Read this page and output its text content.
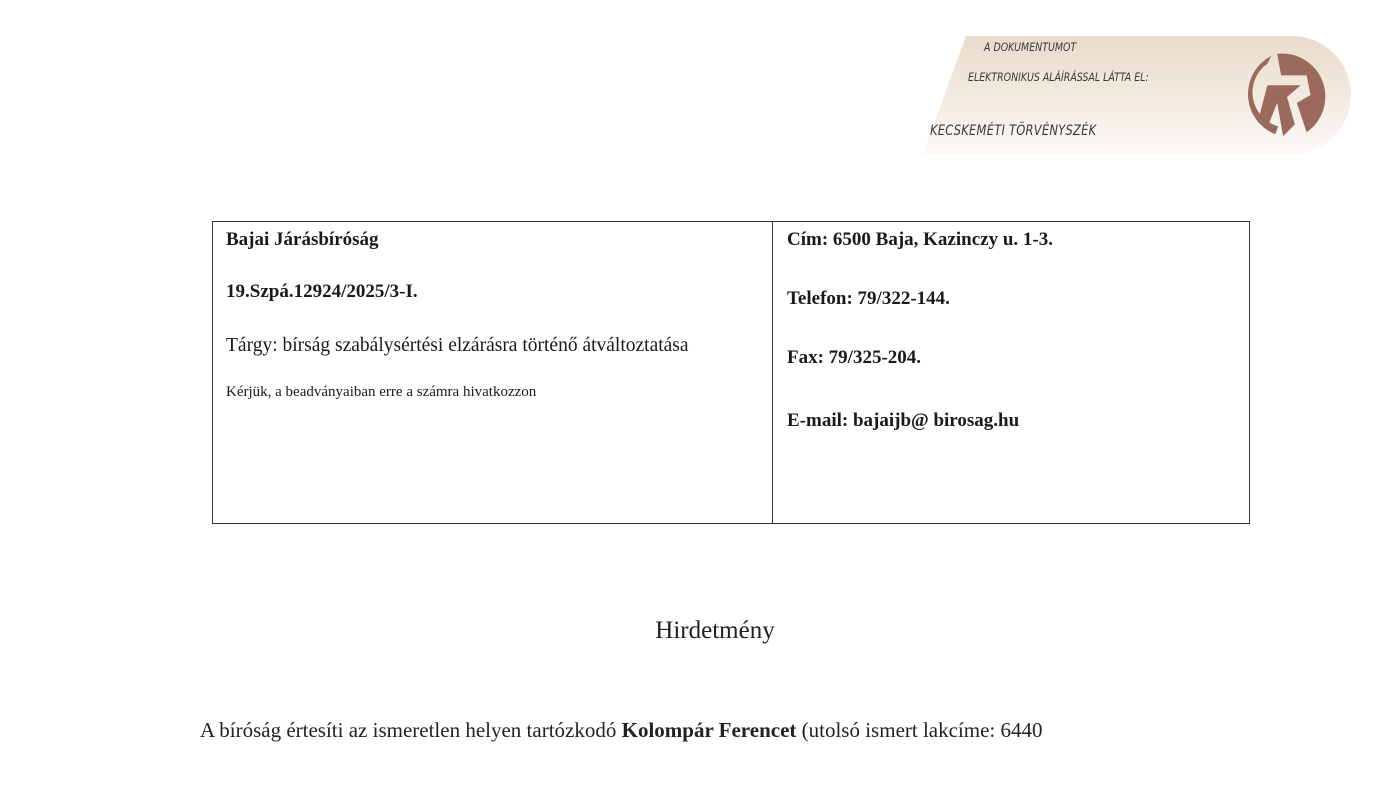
A DOKUMENTUMOT
ELEKTRONIKUS ALÁÍRÁSSAL LÁTTA EL:
KECSKEMÉTI TÖRVÉNYSZÉK
Bajai Járásbíróság
19.Szpá.12924/2025/3-I.
Tárgy: bírság szabálysértési elzárásra történő átváltoztatása
Kérjük, a beadványaiban erre a számra hivatkozzon
Cím: 6500 Baja, Kazinczy u. 1-3.
Telefon: 79/322-144.
Fax: 79/325-204.
E-mail: bajaijb@ birosag.hu
Hirdetmény
A bíróság értesíti az ismeretlen helyen tartózkodó Kolompár Ferencet (utolsó ismert lakcíme: 6440
